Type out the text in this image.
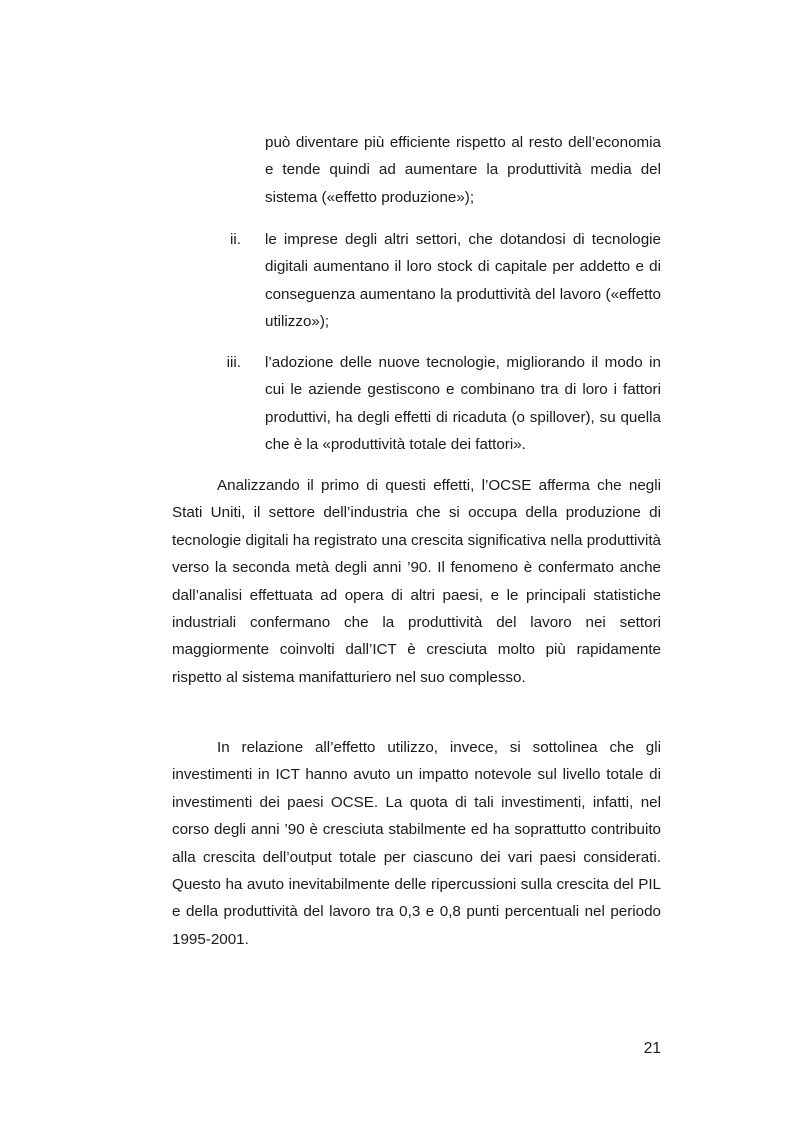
può diventare più efficiente rispetto al resto dell’economia e tende quindi ad aumentare la produttività media del sistema («effetto produzione»);
ii. le imprese degli altri settori, che dotandosi di tecnologie digitali aumentano il loro stock di capitale per addetto e di conseguenza aumentano la produttività del lavoro («effetto utilizzo»);
iii. l’adozione delle nuove tecnologie, migliorando il modo in cui le aziende gestiscono e combinano tra di loro i fattori produttivi, ha degli effetti di ricaduta (o spillover), su quella che è la «produttività totale dei fattori».

Analizzando il primo di questi effetti, l’OCSE afferma che negli Stati Uniti, il settore dell’industria che si occupa della produzione di tecnologie digitali ha registrato una crescita significativa nella produttività verso la seconda metà degli anni ’90. Il fenomeno è confermato anche dall’analisi effettuata ad opera di altri paesi, e le principali statistiche industriali confermano che la produttività del lavoro nei settori maggiormente coinvolti dall’ICT è cresciuta molto più rapidamente rispetto al sistema manifatturiero nel suo complesso.

In relazione all’effetto utilizzo, invece, si sottolinea che gli investimenti in ICT hanno avuto un impatto notevole sul livello totale di investimenti dei paesi OCSE. La quota di tali investimenti, infatti, nel corso degli anni ’90 è cresciuta stabilmente ed ha soprattutto contribuito alla crescita dell’output totale per ciascuno dei vari paesi considerati. Questo ha avuto inevitabilmente delle ripercussioni sulla crescita del PIL e della produttività del lavoro tra 0,3 e 0,8 punti percentuali nel periodo 1995-2001.

21
